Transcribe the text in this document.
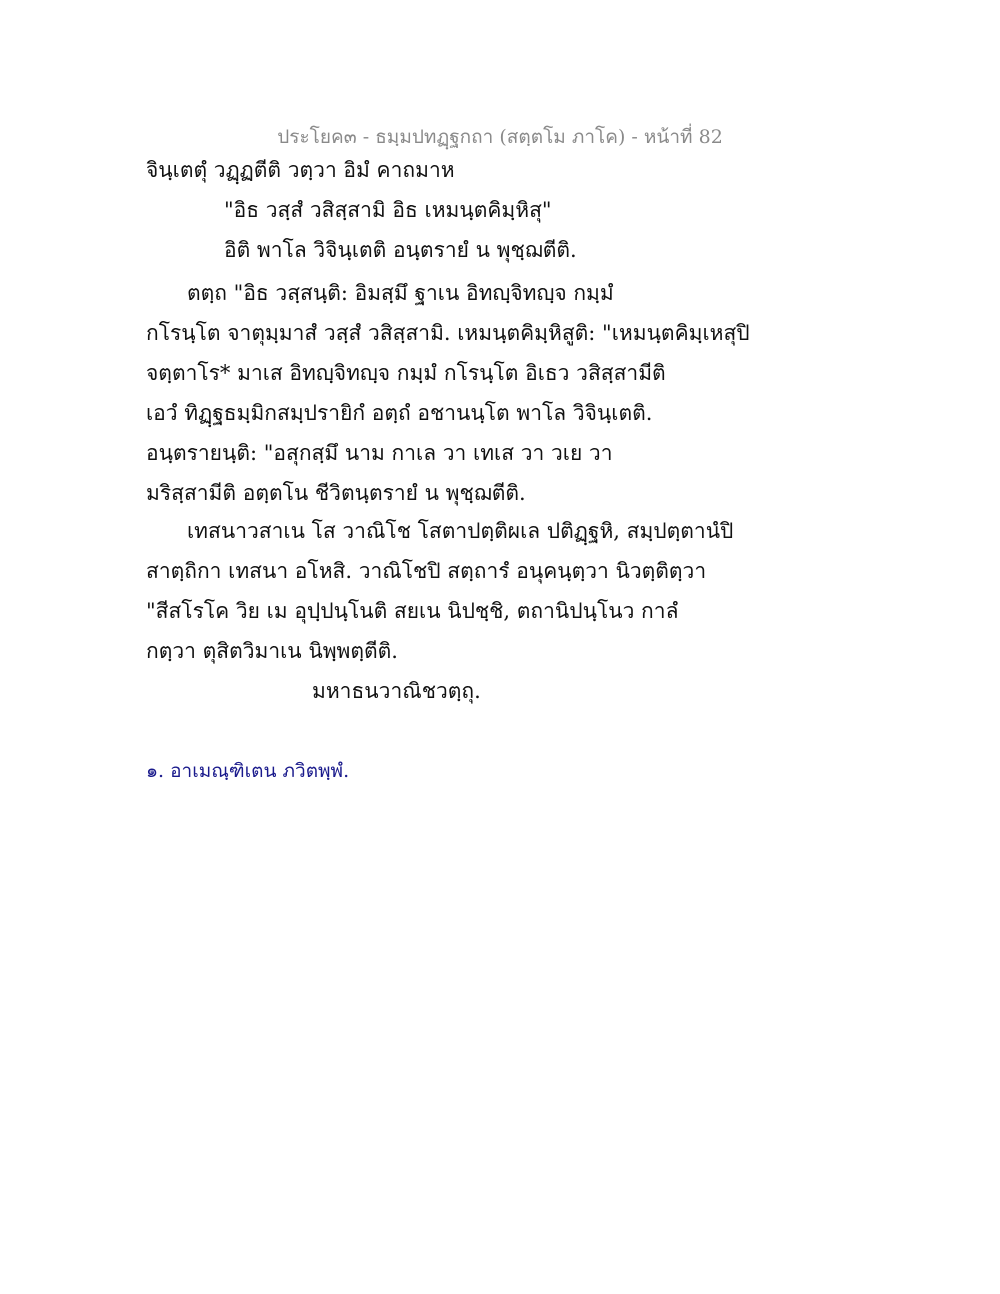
ประโยค๓ - ธมฺมปทฏฺฐกถา (สตฺตโม ภาโค) - หน้าที่ 82
จินฺเตตุํ วฏฺฏตีติ วตฺวา อิมํ คาถมาห
"อิธ วสฺสํ วสิสฺสามิ อิธ เหมนฺตคิมฺหิสุ"
อิติ พาโล วิจินฺเตติ อนฺตรายํ น พุชฺฌตีติ.
ตตฺถ "อิธ วสฺสนฺติ: อิมสฺมึ ฐาเน อิทญฺจิทญฺจ กมฺมํ
กโรนฺโต จาตุมฺมาสํ วสฺสํ วสิสฺสามิ. เหมนฺตคิมฺหิสูติ: "เหมนฺตคิมฺเหสุปิ
จตฺตาโร* มาเส อิทญฺจิทญฺจ กมฺมํ กโรนฺโต อิเธว วสิสฺสามีติ
เอวํ ทิฏฺฐธมฺมิกสมฺปรายิกํ อตฺถํ อชานนฺโต พาโล วิจินฺเตติ.
อนฺตรายนฺติ: "อสุกสฺมึ นาม กาเล วา เทเส วา วเย วา
มริสฺสามีติ อตฺตโน ชีวิตนฺตรายํ น พุชฺฌตีติ.
เทสนาวสาเน โส วาณิโช โสตาปตฺติผเล ปติฏฺฐหิ, สมฺปตฺตานํปิ
สาตฺถิกา เทสนา อโหสิ. วาณิโชปิ สตฺถารํ อนุคนฺตฺวา นิวตฺติตฺวา
"สีสโรโค วิย เม อุปฺปนฺโนติ สยเน นิปชฺชิ, ตถานิปนฺโนว กาลํ
กตฺวา ตุสิตวิมาเน นิพฺพตฺตีติ.
มหาธนวาณิชวตฺถุ.
๑. อาเมณฺฑิเตน ภวิตพฺพํ.
